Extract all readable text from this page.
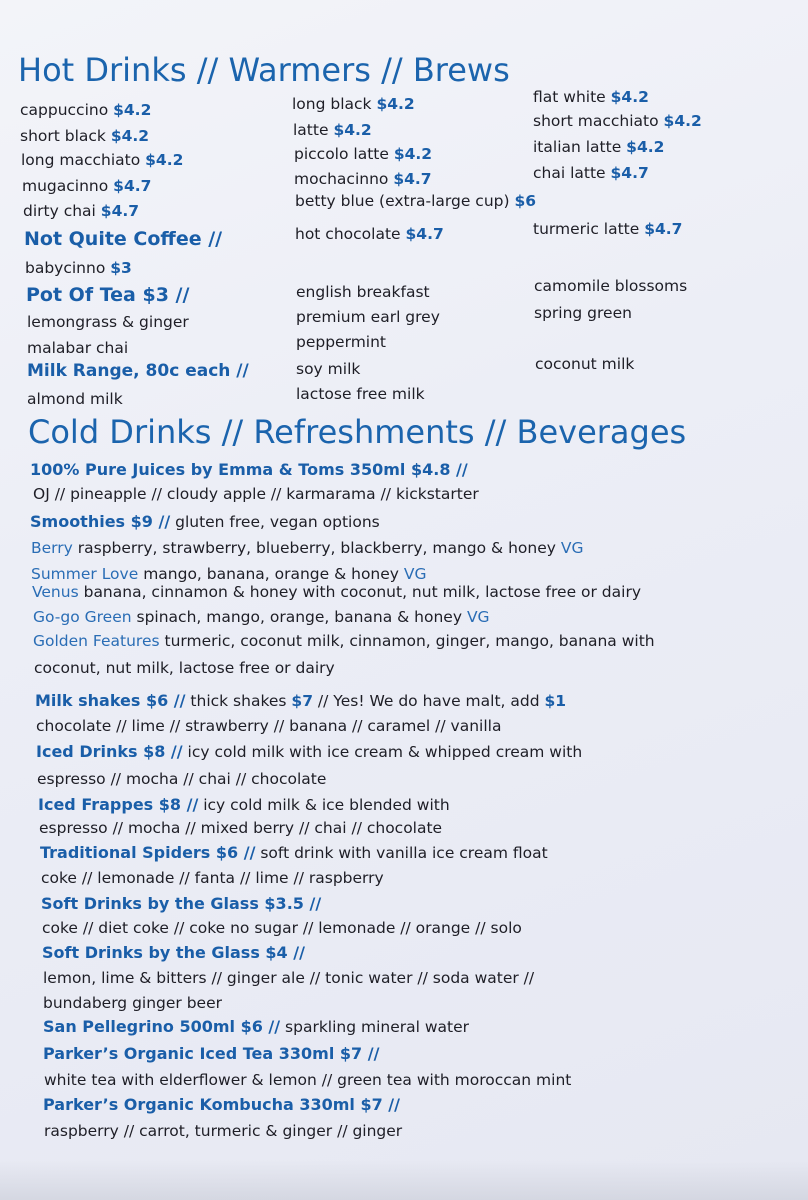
Hot Drinks // Warmers // Brews
cappuccino $4.2
short black $4.2
long macchiato $4.2
mugacinno $4.7
dirty chai $4.7
long black $4.2
latte $4.2
piccolo latte $4.2
mochacinno $4.7
betty blue (extra-large cup) $6
flat white $4.2
short macchiato $4.2
italian latte $4.2
chai latte $4.7
Not Quite Coffee //
babycinno $3
hot chocolate $4.7	turmeric latte $4.7
Pot Of Tea $3 //
lemongrass & ginger
malabar chai
english breakfast
premium earl grey
peppermint
camomile blossoms
spring green
Milk Range, 80c each //
almond milk
soy milk
lactose free milk
coconut milk
Cold Drinks // Refreshments // Beverages
100% Pure Juices by Emma & Toms 350ml $4.8 //
OJ // pineapple // cloudy apple // karmarama // kickstarter
Smoothies $9 // gluten free, vegan options
Berry raspberry, strawberry, blueberry, blackberry, mango & honey VG
Summer Love mango, banana, orange & honey VG
Venus banana, cinnamon & honey with coconut, nut milk, lactose free or dairy
Go-go Green spinach, mango, orange, banana & honey VG
Golden Features turmeric, coconut milk, cinnamon, ginger, mango, banana with
coconut, nut milk, lactose free or dairy
Milk shakes $6 // thick shakes $7 // Yes! We do have malt, add $1
chocolate // lime // strawberry // banana // caramel // vanilla
Iced Drinks $8 // icy cold milk with ice cream & whipped cream with
espresso // mocha // chai // chocolate
Iced Frappes $8 // icy cold milk & ice blended with
espresso // mocha // mixed berry // chai // chocolate
Traditional Spiders $6 // soft drink with vanilla ice cream float
coke // lemonade // fanta // lime // raspberry
Soft Drinks by the Glass $3.5 //
coke // diet coke // coke no sugar // lemonade // orange // solo
Soft Drinks by the Glass $4 //
lemon, lime & bitters // ginger ale // tonic water // soda water //
bundaberg ginger beer
San Pellegrino 500ml $6 // sparkling mineral water
Parker’s Organic Iced Tea 330ml $7 //
white tea with elderflower & lemon // green tea with moroccan mint
Parker’s Organic Kombucha 330ml $7 //
raspberry // carrot, turmeric & ginger // ginger
